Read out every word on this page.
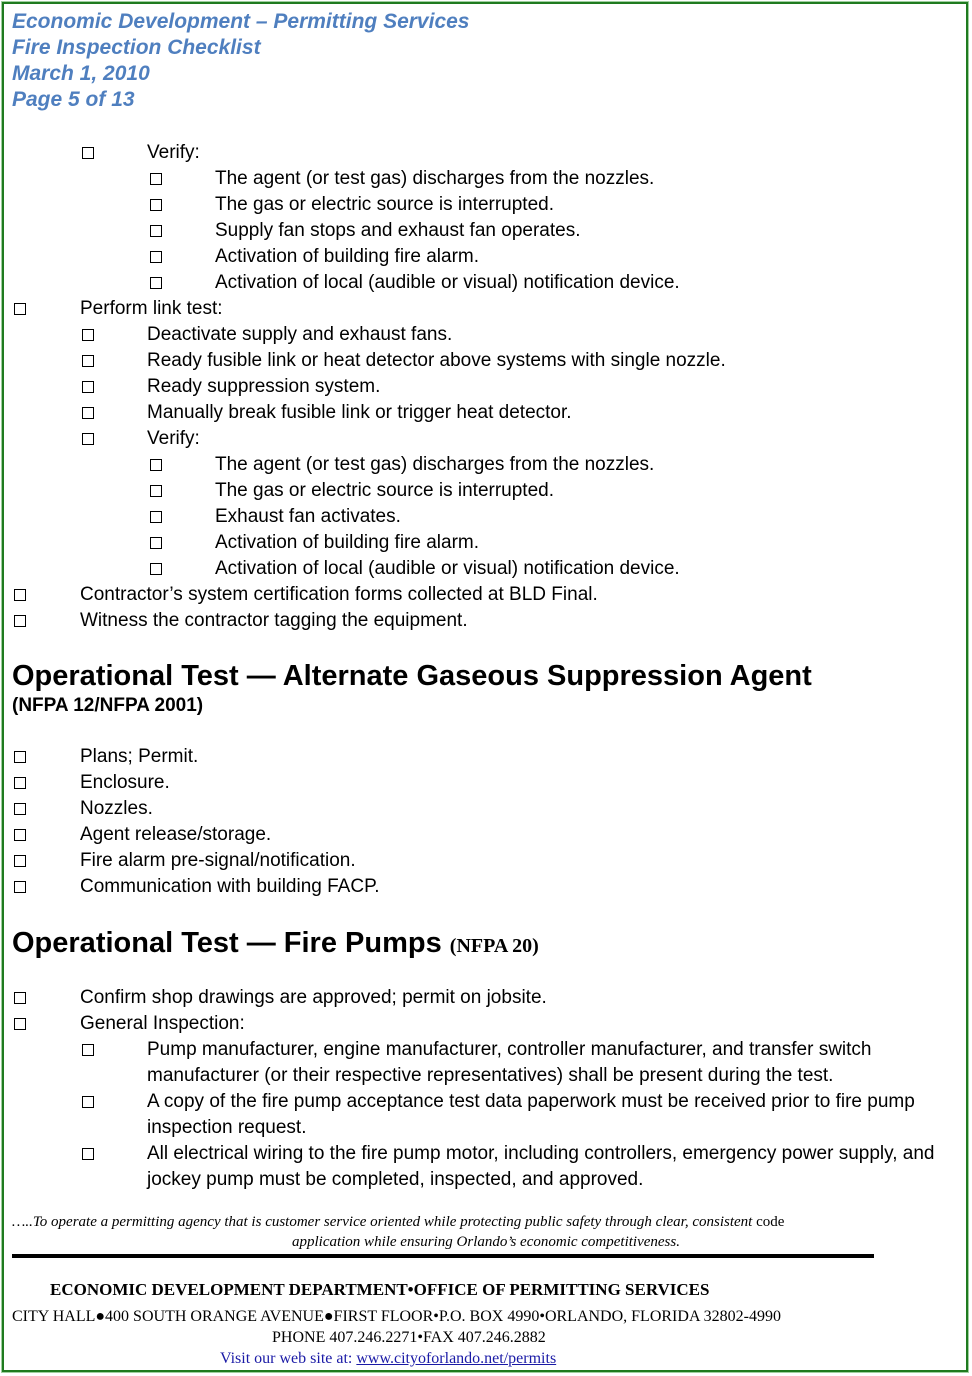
Economic Development – Permitting Services
Fire Inspection Checklist
March 1, 2010
Page 5 of 13
Verify:
The agent (or test gas) discharges from the nozzles.
The gas or electric source is interrupted.
Supply fan stops and exhaust fan operates.
Activation of building fire alarm.
Activation of local (audible or visual) notification device.
Perform link test:
Deactivate supply and exhaust fans.
Ready fusible link or heat detector above systems with single nozzle.
Ready suppression system.
Manually break fusible link or trigger heat detector.
Verify:
The agent (or test gas) discharges from the nozzles.
The gas or electric source is interrupted.
Exhaust fan activates.
Activation of building fire alarm.
Activation of local (audible or visual) notification device.
Contractor’s system certification forms collected at BLD Final.
Witness the contractor tagging the equipment.
Operational Test — Alternate Gaseous Suppression Agent
(NFPA 12/NFPA 2001)
Plans; Permit.
Enclosure.
Nozzles.
Agent release/storage.
Fire alarm pre-signal/notification.
Communication with building FACP.
Operational Test — Fire Pumps (NFPA 20)
Confirm shop drawings are approved; permit on jobsite.
General Inspection:
Pump manufacturer, engine manufacturer, controller manufacturer, and transfer switch manufacturer (or their respective representatives) shall be present during the test.
A copy of the fire pump acceptance test data paperwork must be received prior to fire pump inspection request.
All electrical wiring to the fire pump motor, including controllers, emergency power supply, and jockey pump must be completed, inspected, and approved.
…..To operate a permitting agency that is customer service oriented while protecting public safety through clear, consistent code
application while ensuring Orlando’s economic competitiveness.
ECONOMIC DEVELOPMENT DEPARTMENT•OFFICE OF PERMITTING SERVICES
CITY HALL●400 SOUTH ORANGE AVENUE●FIRST FLOOR•P.O. BOX 4990•ORLANDO, FLORIDA 32802-4990
PHONE 407.246.2271•FAX 407.246.2882
Visit our web site at: www.cityoforlando.net/permits
